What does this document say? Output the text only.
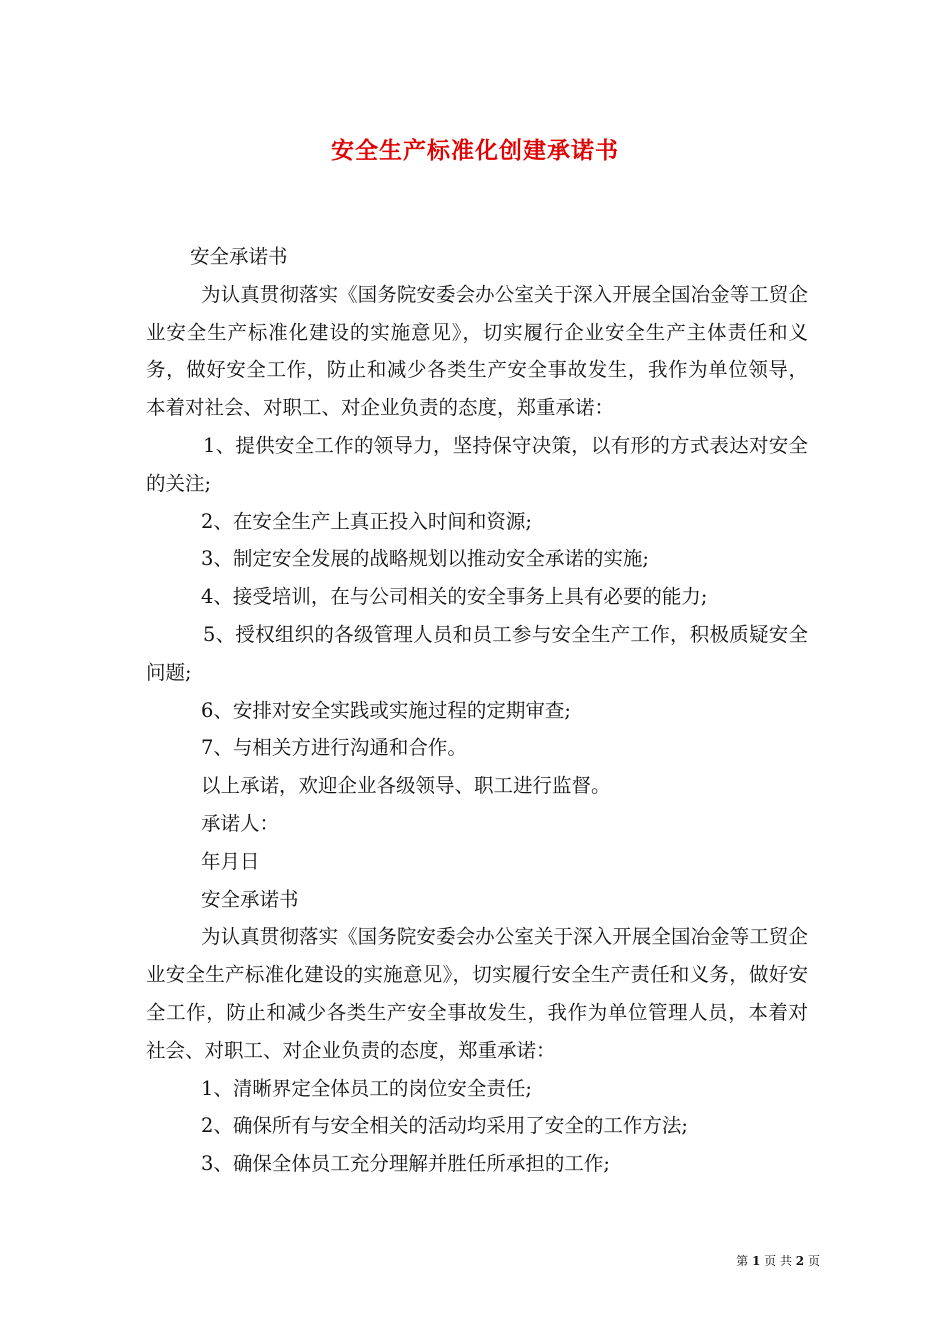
安全生产标准化创建承诺书

安全承诺书

为认真贯彻落实《国务院安委会办公室关于深入开展全国冶金等工贸企业安全生产标准化建设的实施意见》，切实履行企业安全生产主体责任和义务，做好安全工作，防止和减少各类生产安全事故发生，我作为单位领导，本着对社会、对职工、对企业负责的态度，郑重承诺：

1、提供安全工作的领导力，坚持保守决策，以有形的方式表达对安全的关注;

2、在安全生产上真正投入时间和资源;

3、制定安全发展的战略规划以推动安全承诺的实施;

4、接受培训，在与公司相关的安全事务上具有必要的能力;

5、授权组织的各级管理人员和员工参与安全生产工作，积极质疑安全问题;

6、安排对安全实践或实施过程的定期审查;

7、与相关方进行沟通和合作。

以上承诺，欢迎企业各级领导、职工进行监督。

承诺人：

年月日

安全承诺书

为认真贯彻落实《国务院安委会办公室关于深入开展全国冶金等工贸企业安全生产标准化建设的实施意见》，切实履行安全生产责任和义务，做好安全工作，防止和减少各类生产安全事故发生，我作为单位管理人员，本着对社会、对职工、对企业负责的态度，郑重承诺：

1、清晰界定全体员工的岗位安全责任;

2、确保所有与安全相关的活动均采用了安全的工作方法;

3、确保全体员工充分理解并胜任所承担的工作;

第 1 页 共 2 页
